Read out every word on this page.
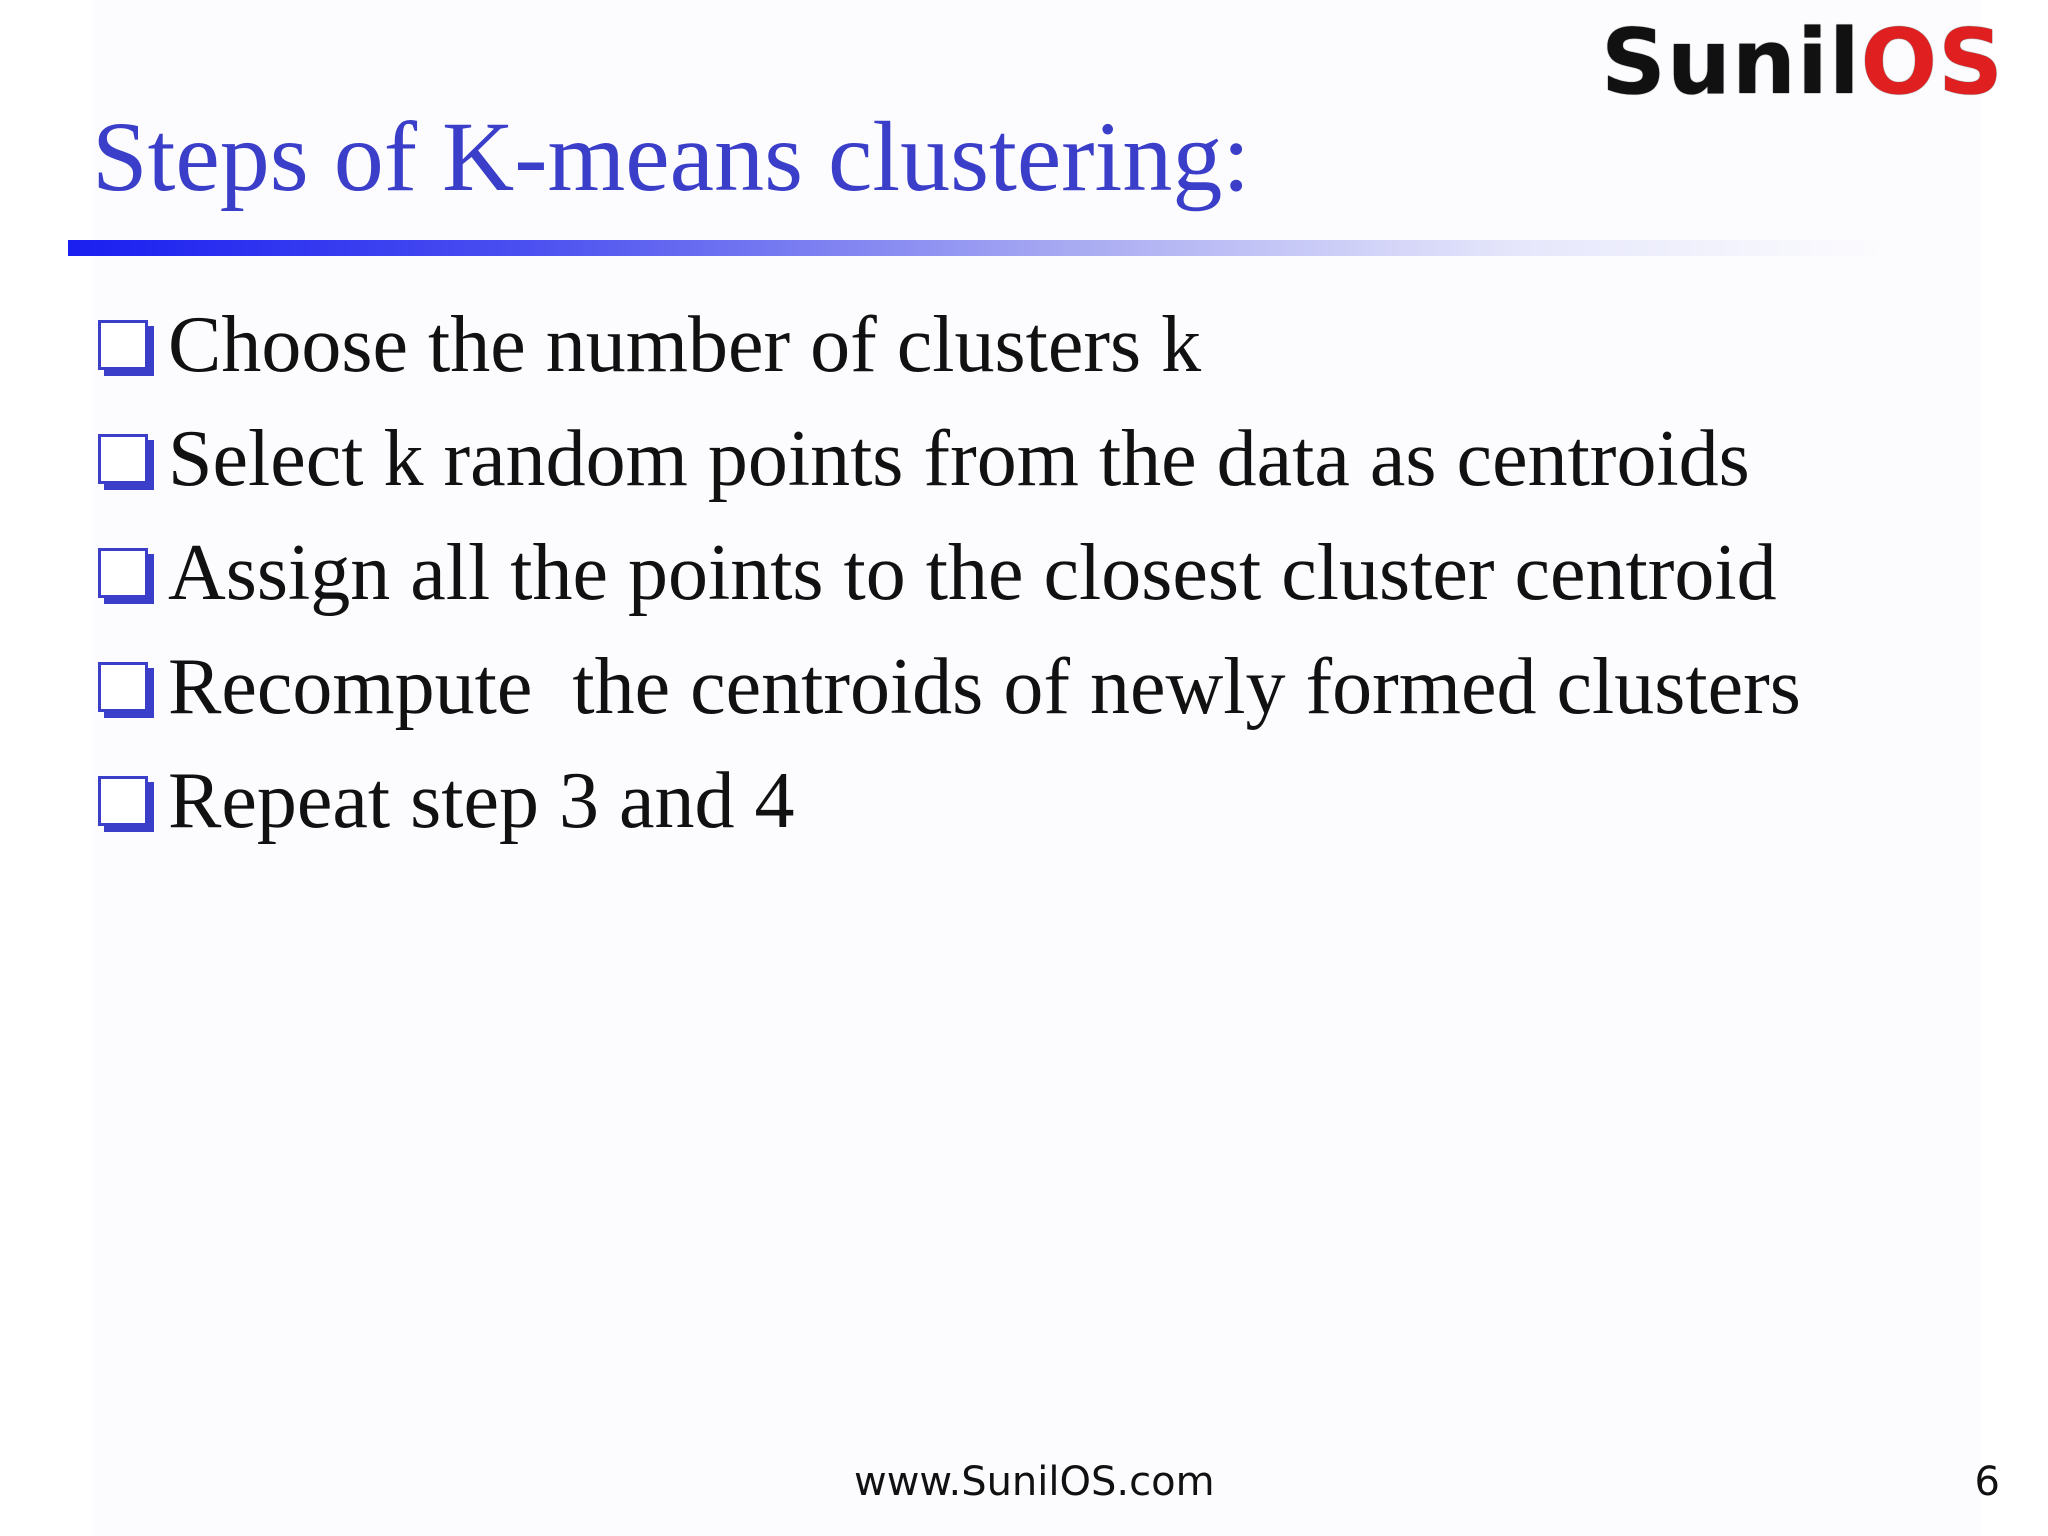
SunilOS
Steps of K-means clustering:
Choose the number of clusters k
Select k random points from the data as centroids
Assign all the points to the closest cluster centroid
Recompute  the centroids of newly formed clusters
Repeat step 3 and 4
www.SunilOS.com	6
